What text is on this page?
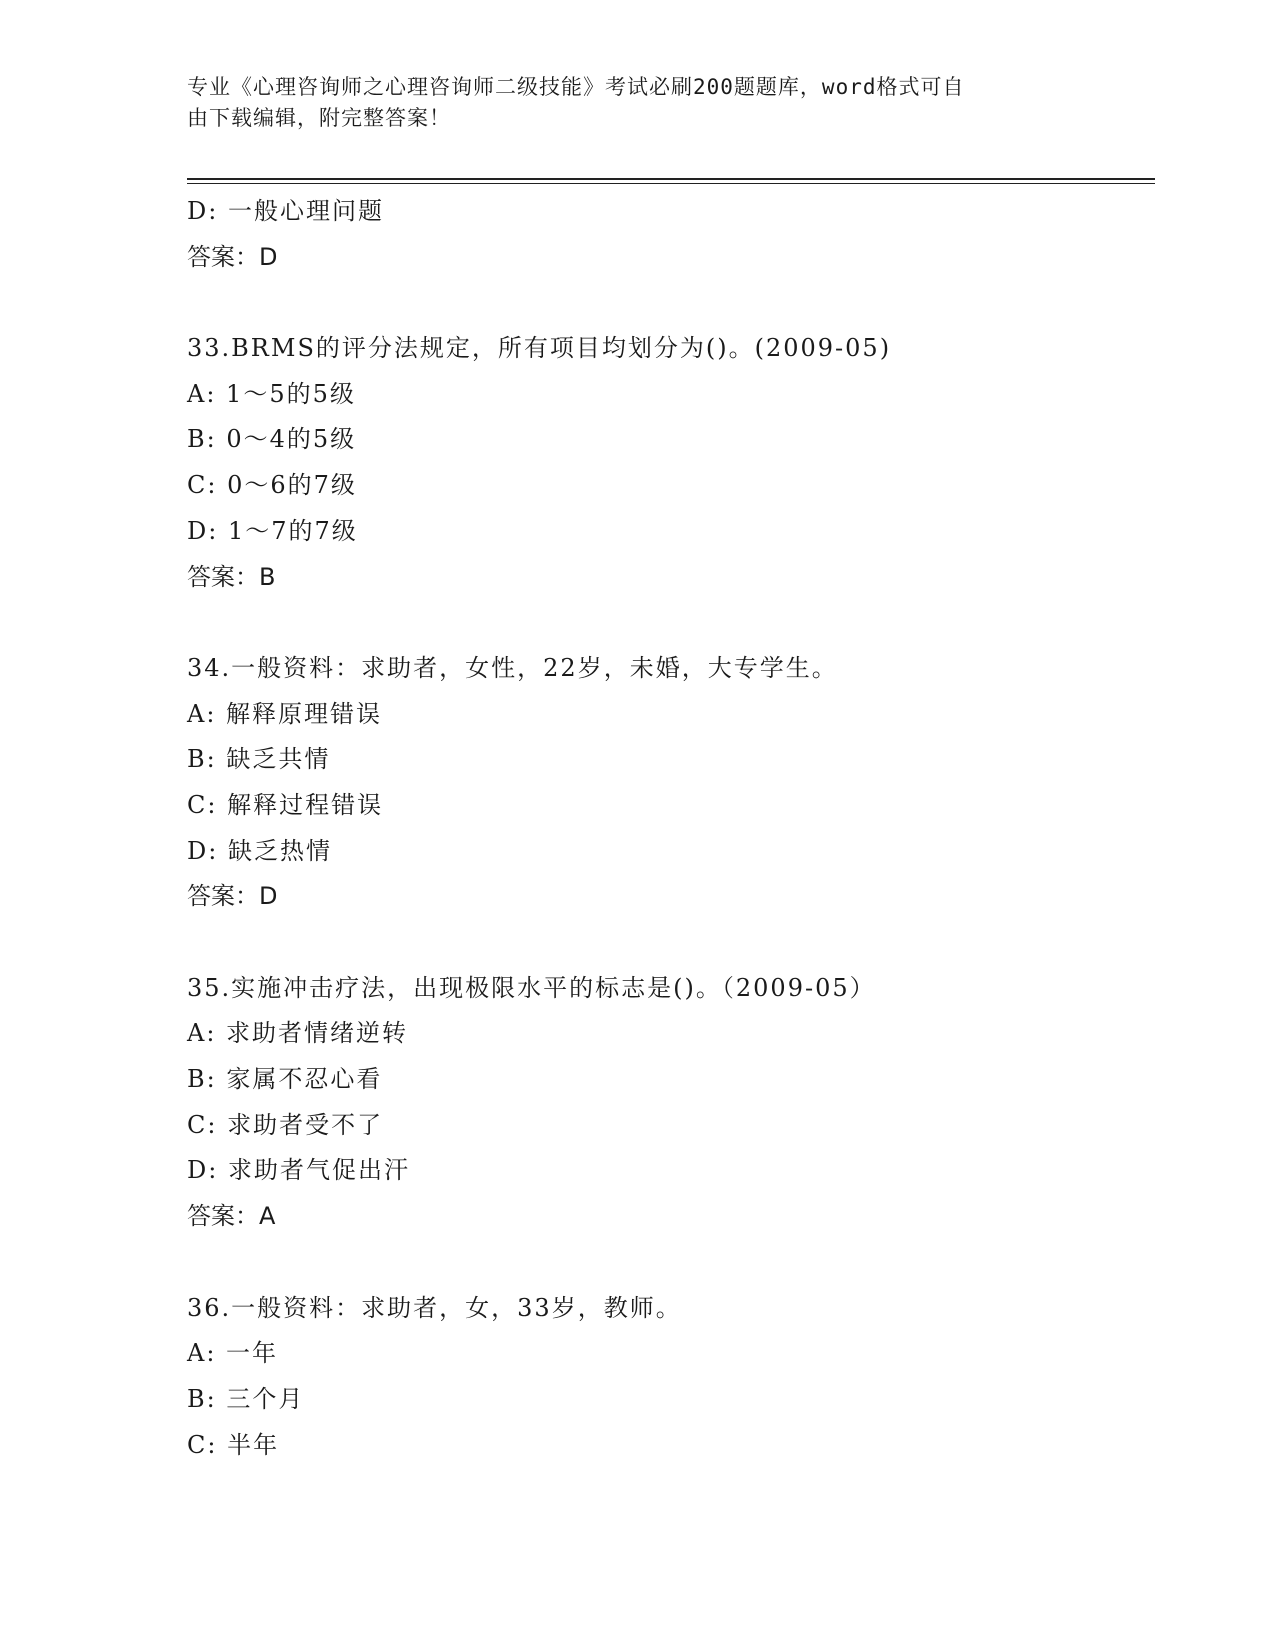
专业《心理咨询师之心理咨询师二级技能》考试必刷200题题库，word格式可自
由下载编辑，附完整答案！
D: 一般心理问题
答案：D
33.BRMS的评分法规定，所有项目均划分为()。(2009-05)
A: 1～5的5级
B: 0～4的5级
C: 0～6的7级
D: 1～7的7级
答案：B
34.一般资料：求助者，女性，22岁，未婚，大专学生。
A: 解释原理错误
B: 缺乏共情
C: 解释过程错误
D: 缺乏热情
答案：D
35.实施冲击疗法，出现极限水平的标志是()。（2009-05）
A: 求助者情绪逆转
B: 家属不忍心看
C: 求助者受不了
D: 求助者气促出汗
答案：A
36.一般资料：求助者，女，33岁，教师。
A: 一年
B: 三个月
C: 半年
